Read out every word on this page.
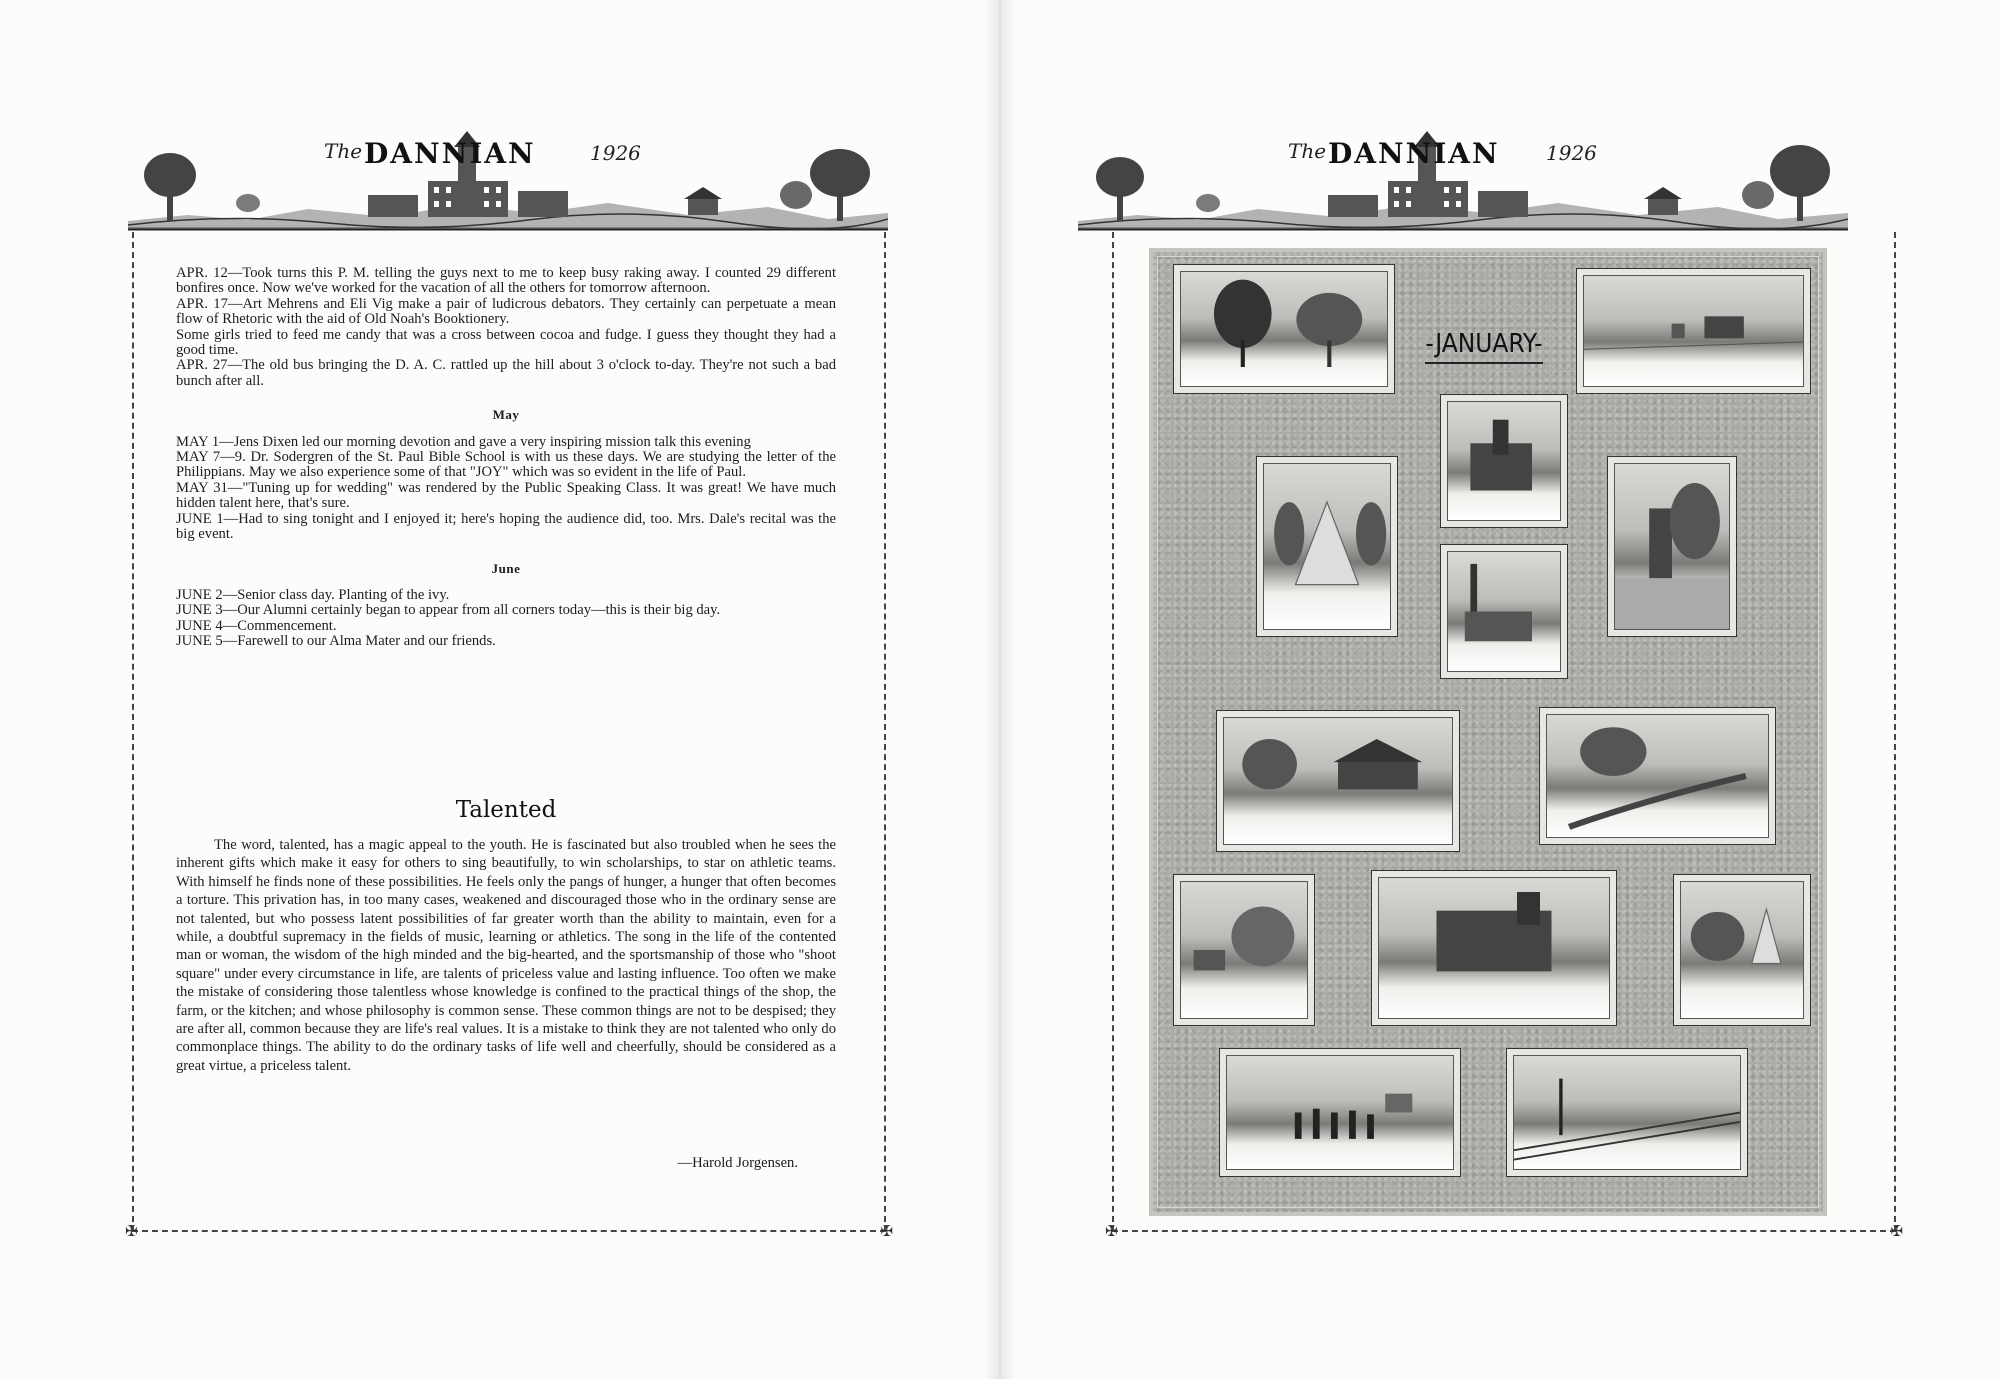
The DANNIAN	1926
✠	✠

APR. 12—Took turns this P. M. telling the guys next to me to keep busy raking away. I counted 29 different bonfires once. Now we've worked for the vacation of all the others for tomorrow afternoon.

APR. 17—Art Mehrens and Eli Vig make a pair of ludicrous debators. They certainly can perpetuate a mean flow of Rhetoric with the aid of Old Noah's Booktionery.

Some girls tried to feed me candy that was a cross between cocoa and fudge. I guess they thought they had a good time.

APR. 27—The old bus bringing the D. A. C. rattled up the hill about 3 o'clock to-day. They're not such a bad bunch after all.

May

MAY 1—Jens Dixen led our morning devotion and gave a very inspiring mission talk this evening

MAY 7—9. Dr. Sodergren of the St. Paul Bible School is with us these days. We are studying the letter of the Philippians. May we also experience some of that "JOY" which was so evident in the life of Paul.

MAY 31—"Tuning up for wedding" was rendered by the Public Speaking Class. It was great! We have much hidden talent here, that's sure.

JUNE 1—Had to sing tonight and I enjoyed it; here's hoping the audience did, too. Mrs. Dale's recital was the big event.

June

JUNE 2—Senior class day. Planting of the ivy.

JUNE 3—Our Alumni certainly began to appear from all corners today—this is their big day.

JUNE 4—Commencement.

JUNE 5—Farewell to our Alma Mater and our friends.

Talented

The word, talented, has a magic appeal to the youth. He is fascinated but also troubled when he sees the inherent gifts which make it easy for others to sing beautifully, to win scholarships, to star on athletic teams. With himself he finds none of these possibilities. He feels only the pangs of hunger, a hunger that often becomes a torture. This privation has, in too many cases, weakened and discouraged those who in the ordinary sense are not talented, but who possess latent possibilities of far greater worth than the ability to maintain, even for a while, a doubtful supremacy in the fields of music, learning or athletics. The song in the life of the contented man or woman, the wisdom of the high minded and the big-hearted, and the sportsmanship of those who "shoot square" under every circumstance in life, are talents of priceless value and lasting influence. Too often we make the mistake of considering those talentless whose knowledge is confined to the practical things of the shop, the farm, or the kitchen; and whose philosophy is common sense. These common things are not to be despised; they are after all, common because they are life's real values. It is a mistake to think they are not talented who only do commonplace things. The ability to do the ordinary tasks of life well and cheerfully, should be considered as a great virtue, a priceless talent.

—Harold Jorgensen.
The DANNIAN 1926
✠	✠
-JANUARY-
